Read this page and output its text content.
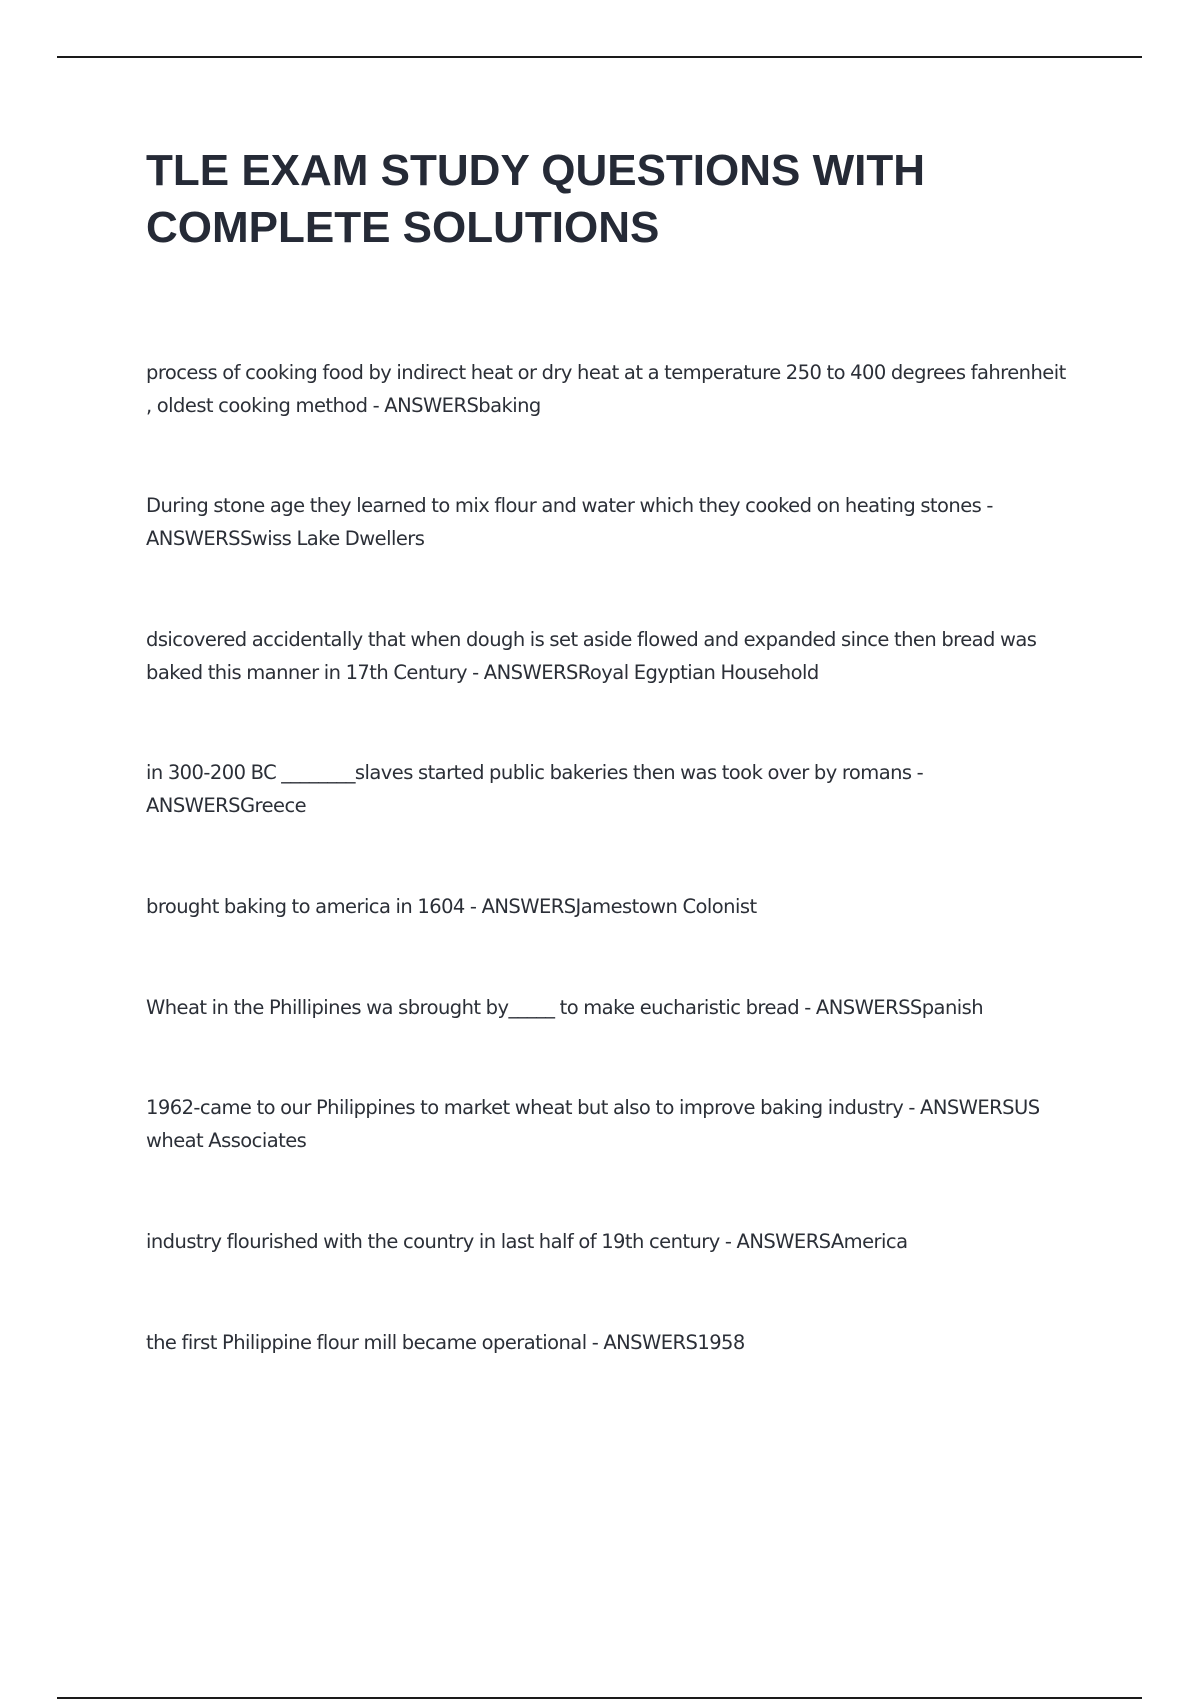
TLE EXAM STUDY QUESTIONS WITH COMPLETE SOLUTIONS

process of cooking food by indirect heat or dry heat at a temperature 250 to 400 degrees fahrenheit , oldest cooking method - ANSWERSbaking

During stone age they learned to mix flour and water which they cooked on heating stones - ANSWERSSwiss Lake Dwellers

dsicovered accidentally that when dough is set aside flowed and expanded since then bread was baked this manner in 17th Century - ANSWERSRoyal Egyptian Household

in 300-200 BC ________slaves started public bakeries then was took over by romans - ANSWERSGreece

brought baking to america in 1604 - ANSWERSJamestown Colonist

Wheat in the Phillipines wa sbrought by_____ to make eucharistic bread - ANSWERSSpanish

1962-came to our Philippines to market wheat but also to improve baking industry - ANSWERSUS wheat Associates

industry flourished with the country in last half of 19th century - ANSWERSAmerica

the first Philippine flour mill became operational - ANSWERS1958
